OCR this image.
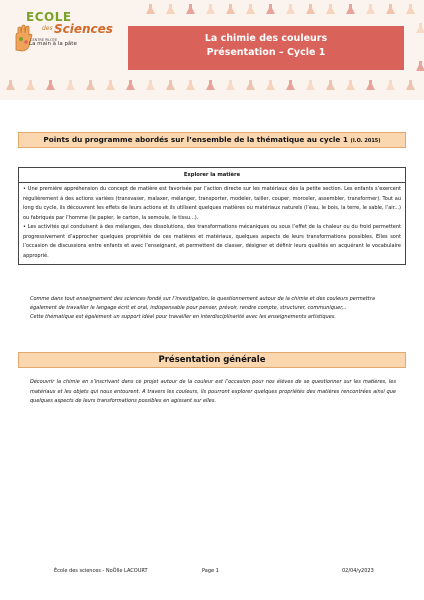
ECOLE
des Sciences
CENTRE PILOTE
La main à la pâte	La chimie des couleurs
Présentation – Cycle 1
Points du programme abordés sur l’ensemble de la thématique au cycle 1 (I.O. 2015)
Explorer la matière

• Une première appréhension du concept de matière est favorisée par l’action directe sur les matériaux dès la petite section. Les enfants s’exercent régulièrement à des actions variées (transvaser, malaxer, mélanger, transporter, modeler, tailler, couper, morceler, assembler, transformer). Tout au long du cycle, ils découvrent les effets de leurs actions et ils utilisent quelques matières ou matériaux naturels (l’eau, le bois, la terre, le sable, l’air...) ou fabriqués par l’homme (le papier, le carton, la semoule, le tissu...).

• Les activités qui conduisent à des mélanges, des dissolutions, des transformations mécaniques ou sous l’effet de la chaleur ou du froid permettent progressivement d’approcher quelques propriétés de ces matières et matériaux, quelques aspects de leurs transformations possibles. Elles sont l’occasion de discussions entre enfants et avec l’enseignant, et permettent de classer, désigner et définir leurs qualités en acquérant le vocabulaire approprié.

Comme dans tout enseignement des sciences fondé sur l’investigation, le questionnement autour de la chimie et des couleurs permettra également de travailler le langage écrit et oral, indispensable pour penser, prévoir, rendre compte, structurer, communiquer,..

Cette thématique est également un support idéal pour travailler en interdisciplinarité avec les enseignements artistiques.

Présentation générale

Découvrir la chimie en s’inscrivant dans ce projet autour de la couleur est l’occasion pour nos élèves de se questionner sur les matières, les matériaux et les objets qui nous entourent. A travers les couleurs, ils pourront explorer quelques propriétés des matières rencontrées ainsi que quelques aspects de leurs transformations possibles en agissant sur elles.

École des sciences - NoÕlle LACOURT	Page 1	02/04/y2023
